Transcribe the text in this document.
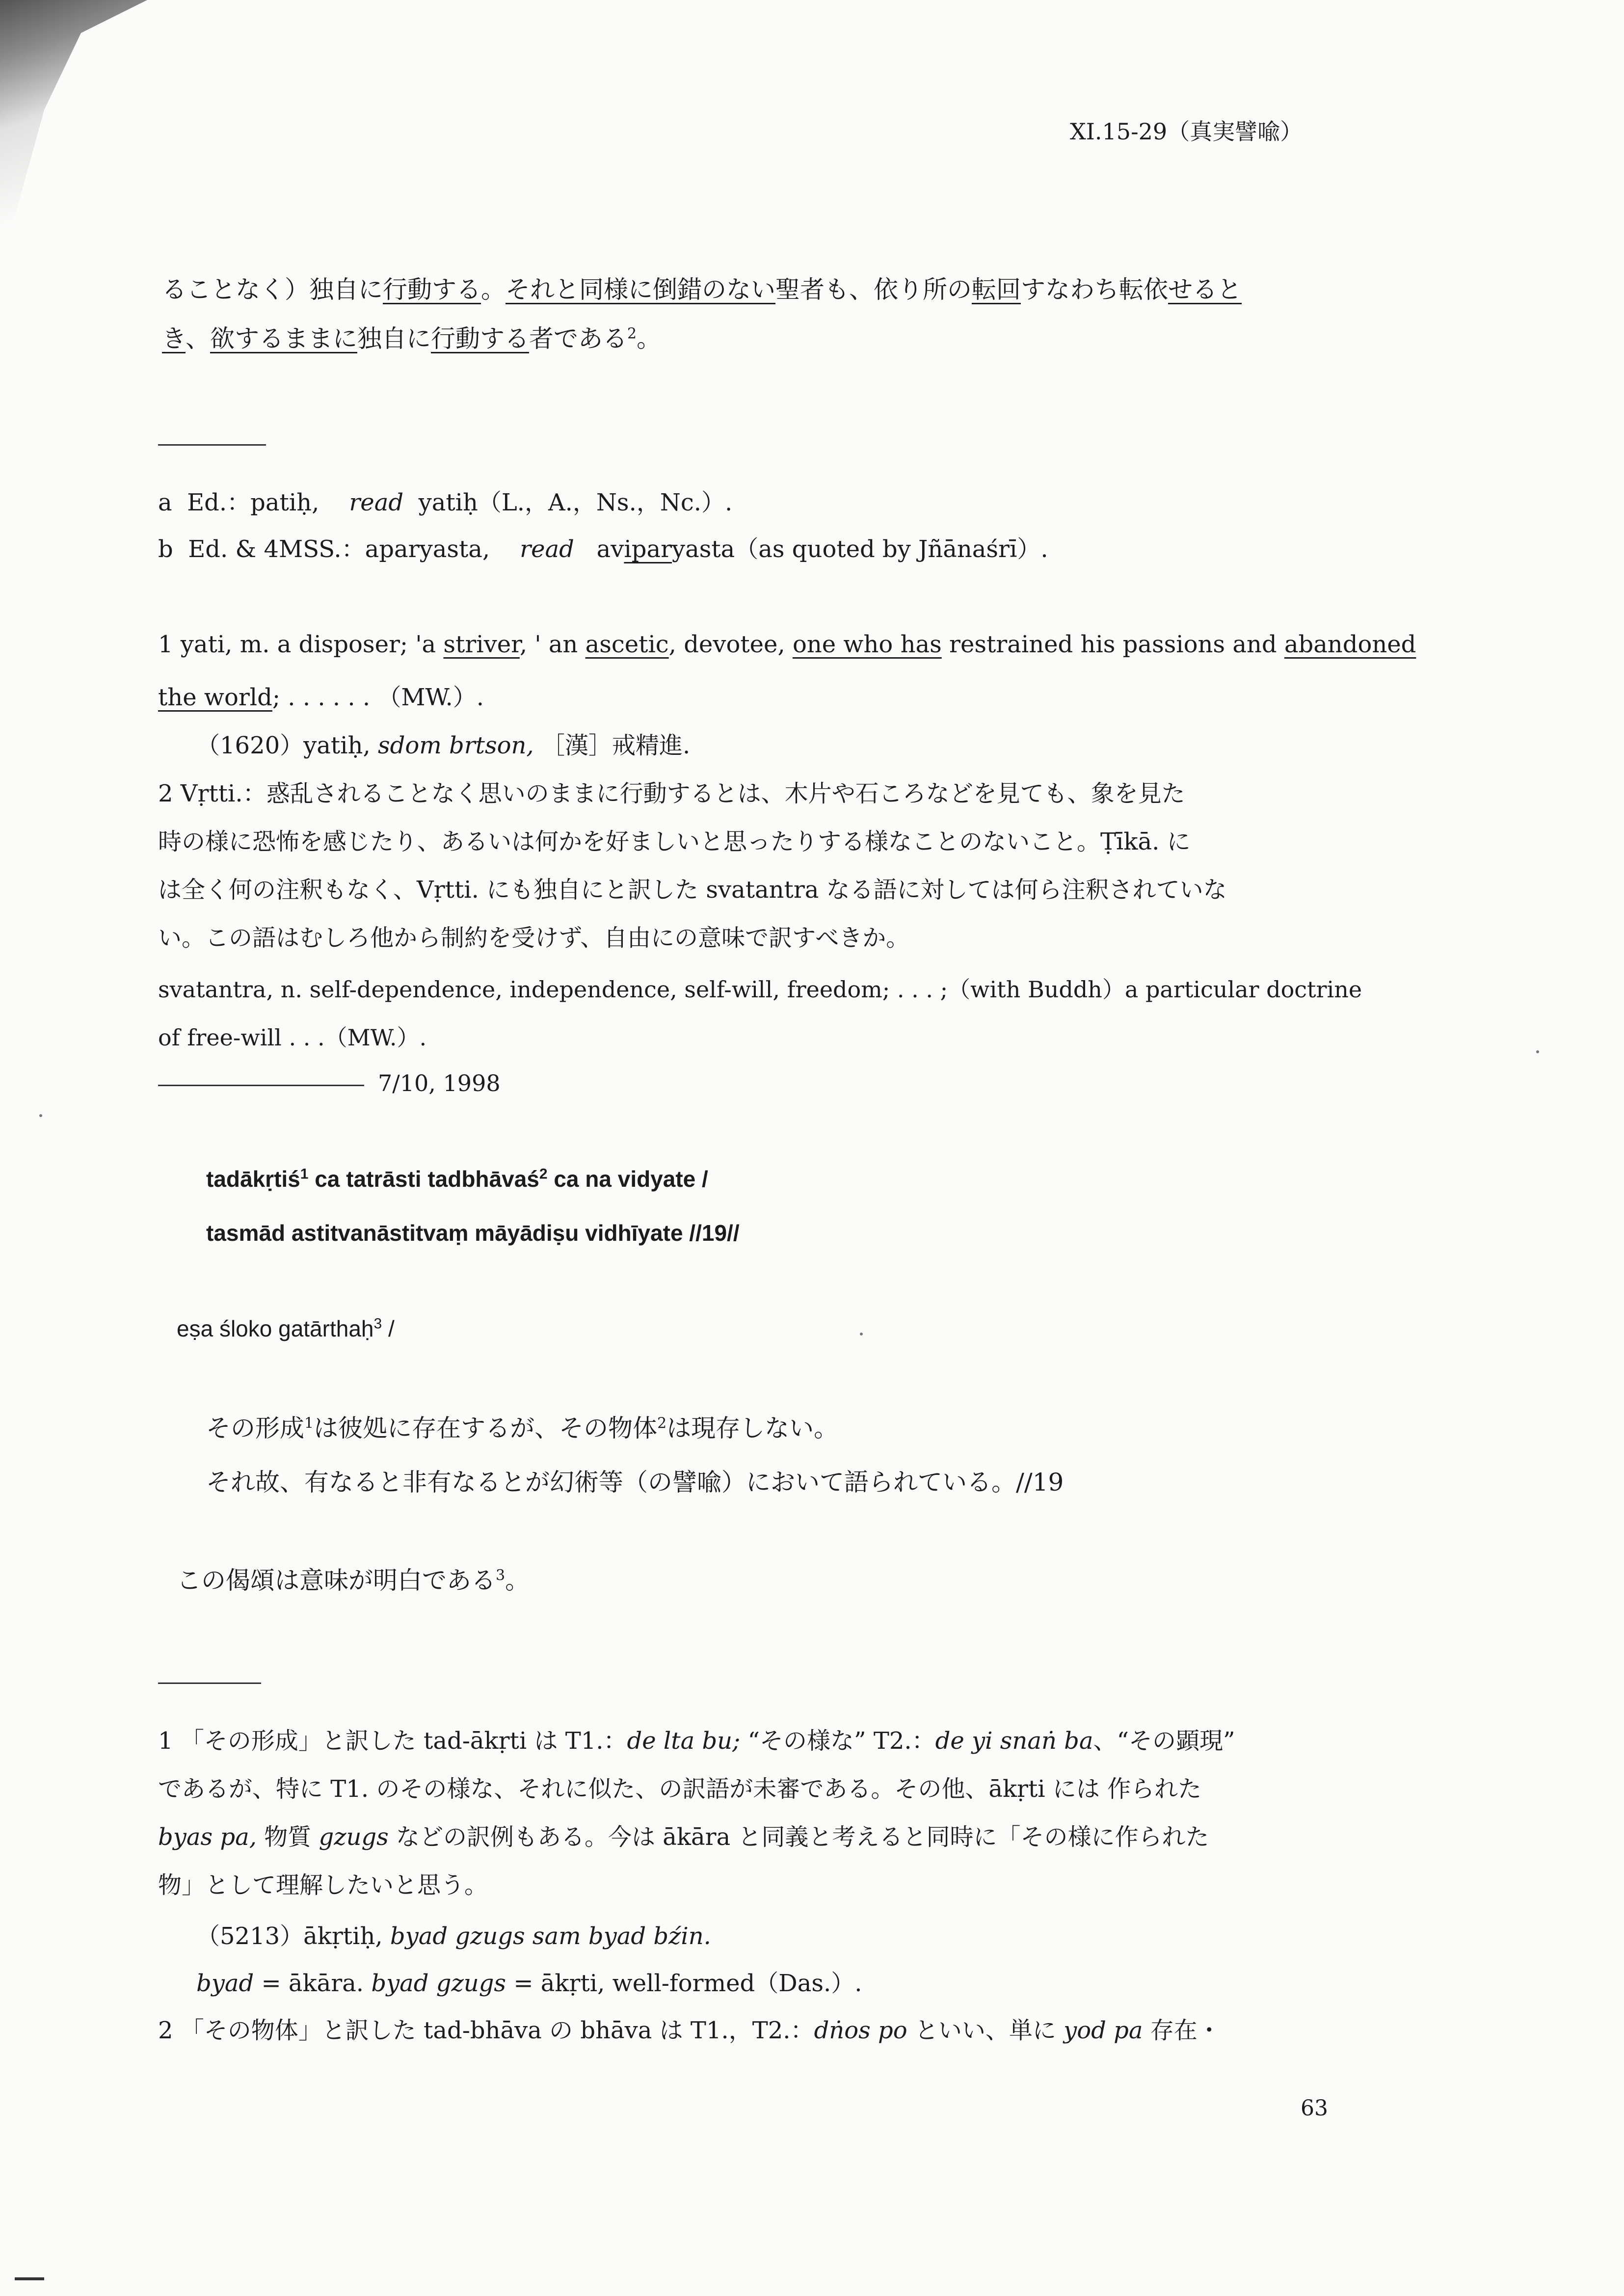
XI.15-29（真実譬喩）
ることなく）独自に行動する。それと同様に倒錯のない聖者も、依り所の転回すなわち転依せると
き、欲するままに独自に行動する者である$^2$。
a Ed.：patiḥ, read yatiḥ（L.，A.，Ns.，Nc.）.
b Ed. & 4MSS.：aparyasta, read aviparyasta（as quoted by Jñānaśrī）.
1 yati, m. a disposer; 'a striver, ' an ascetic, devotee, one who has restrained his passions and abandoned
the world; . . . . . . （MW.）.
（1620）yatiḥ, sdom brtson, ［漢］戒精進.
2 Vṛtti.：惑乱されることなく思いのままに行動するとは、木片や石ころなどを見ても、象を見た
時の様に恐怖を感じたり、あるいは何かを好ましいと思ったりする様なことのないこと。Ṭīkā. に
は全く何の注釈もなく、Vṛtti. にも独自にと訳した svatantra なる語に対しては何ら注釈されていな
い。この語はむしろ他から制約を受けず、自由にの意味で訳すべきか。
svatantra, n. self-dependence, independence, self-will, freedom; . . . ;（with Buddh）a particular doctrine
of free-will . . .（MW.）.
7/10, 1998
tadākṛtiś$^1$ ca tatrāsti tadbhāvaś$^2$ ca na vidyate /
tasmād astitvanāstitvaṃ māyādiṣu vidhīyate //19//
eṣa śloko gatārthaḥ$^3$ /
その形成$^1$は彼処に存在するが、その物体$^2$は現存しない。
それ故、有なると非有なるとが幻術等（の譬喩）において語られている。//19
この偈頌は意味が明白である$^3$。
1 「その形成」と訳した tad-ākṛti は T1.：de lta bu; “その様な” T2.：de yi snaṅ ba、“その顕現”
であるが、特に T1. のその様な、それに似た、の訳語が未審である。その他、ākṛti には 作られた
byas pa, 物質 gzugs などの訳例もある。今は ākāra と同義と考えると同時に「その様に作られた
物」として理解したいと思う。
（5213）ākṛtiḥ, byad gzugs sam byad bźin.
byad = ākāra. byad gzugs = ākṛti, well-formed（Das.）.
2 「その物体」と訳した tad-bhāva の bhāva は T1.，T2.：dṅos po といい、単に yod pa 存在・
63
